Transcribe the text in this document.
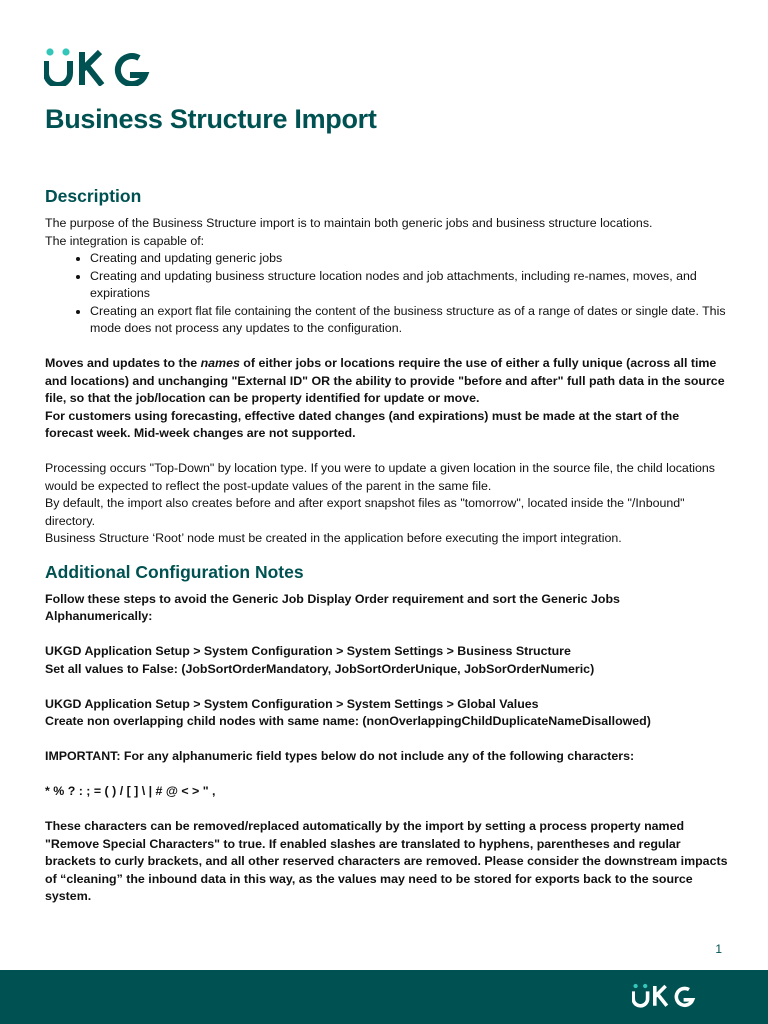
Business Structure Import
Description

The purpose of the Business Structure import is to maintain both generic jobs and business structure locations.

The integration is capable of:

• Creating and updating generic jobs
• Creating and updating business structure location nodes and job attachments, including re-names, moves, and expirations
• Creating an export flat file containing the content of the business structure as of a range of dates or single date. This mode does not process any updates to the configuration.

Moves and updates to the names of either jobs or locations require the use of either a fully unique (across all time and locations) and unchanging "External ID" OR the ability to provide "before and after" full path data in the source file, so that the job/location can be property identified for update or move.

For customers using forecasting, effective dated changes (and expirations) must be made at the start of the forecast week. Mid-week changes are not supported.

Processing occurs "Top-Down" by location type. If you were to update a given location in the source file, the child locations would be expected to reflect the post-update values of the parent in the same file.

By default, the import also creates before and after export snapshot files as "tomorrow", located inside the "/Inbound" directory.

Business Structure ‘Root’ node must be created in the application before executing the import integration.

Additional Configuration Notes

Follow these steps to avoid the Generic Job Display Order requirement and sort the Generic Jobs Alphanumerically:

UKGD Application Setup > System Configuration > System Settings > Business Structure

Set all values to False: (JobSortOrderMandatory, JobSortOrderUnique, JobSorOrderNumeric)

UKGD Application Setup > System Configuration > System Settings > Global Values

Create non overlapping child nodes with same name: (nonOverlappingChildDuplicateNameDisallowed)

IMPORTANT: For any alphanumeric field types below do not include any of the following characters:

* % ? : ; = ( ) / [ ] \ | # @ < > " ,

These characters can be removed/replaced automatically by the import by setting a process property named "Remove Special Characters" to true. If enabled slashes are translated to hyphens, parentheses and regular brackets to curly brackets, and all other reserved characters are removed. Please consider the downstream impacts of “cleaning” the inbound data in this way, as the values may need to be stored for exports back to the source system.

1
